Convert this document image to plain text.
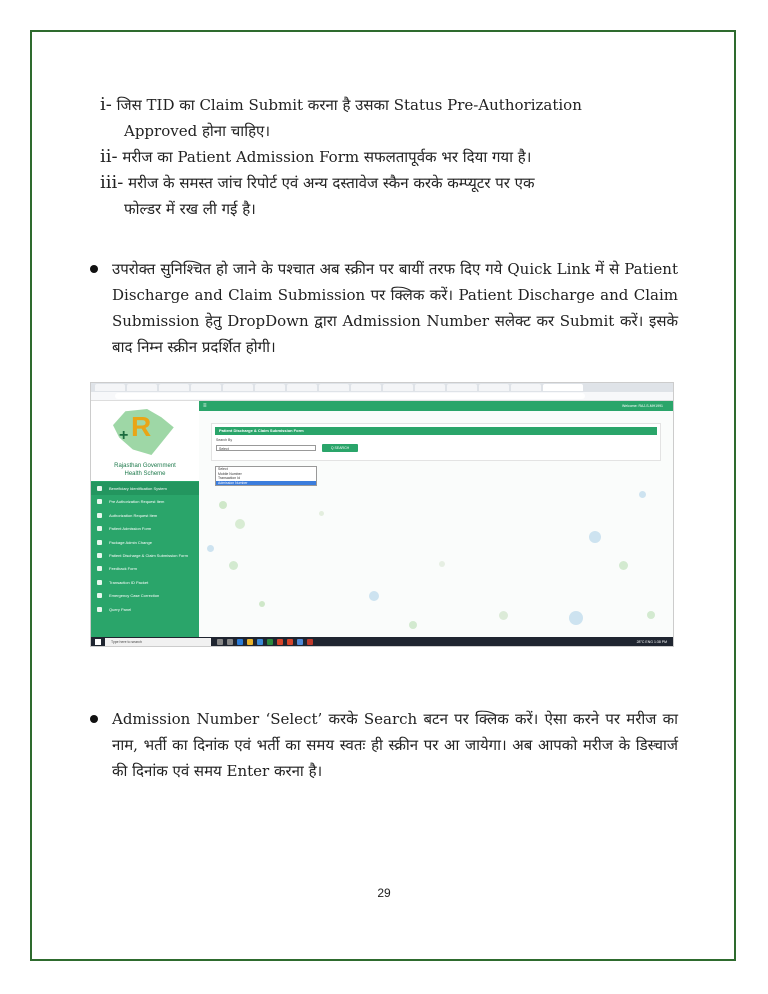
i- जिस TID का Claim Submit करना है उसका Status Pre-Authorization
Approved होना चाहिए।
ii- मरीज का Patient Admission Form सफलतापूर्वक भर दिया गया है।
iii- मरीज के समस्त जांच रिपोर्ट एवं अन्य दस्तावेज स्कैन करके कम्प्यूटर पर एक
फोल्डर में रख ली गई है।
उपरोक्त सुनिश्चित हो जाने के पश्चात अब स्क्रीन पर बायीं तरफ दिए गये Quick Link में से Patient Discharge and Claim Submission पर क्लिक करें। Patient Discharge and Claim Submission हेतु DropDown द्वारा Admission Number सलेक्ट कर Submit करें। इसके बाद निम्न स्क्रीन प्रदर्शित होगी।
R
+
Rajasthan Government
Health Scheme
Beneficiary Identification System
Pre Authorization Request Item
Authorization Request Item
Patient Admission Form
Package Admin Change
Patient Discharge & Claim Submission Form
Feedback Form
Transaction ID Packet
Emergency Case Correction
Query Panel
≡	Welcome: RAJ-S-MH1991
Patient Discharge & Claim Submission Form
Search By
Select	Q SEARCH
Select
Mobile Number
Transaction Id
Admission Number
Type here to search	28°C ENG 1:38 PM
Admission Number ‘Select’ करके Search बटन पर क्लिक करें। ऐसा करने पर मरीज का नाम, भर्ती का दिनांक एवं भर्ती का समय स्वतः ही स्क्रीन पर आ जायेगा। अब आपको मरीज के डिस्चार्ज की दिनांक एवं समय Enter करना है।
29
